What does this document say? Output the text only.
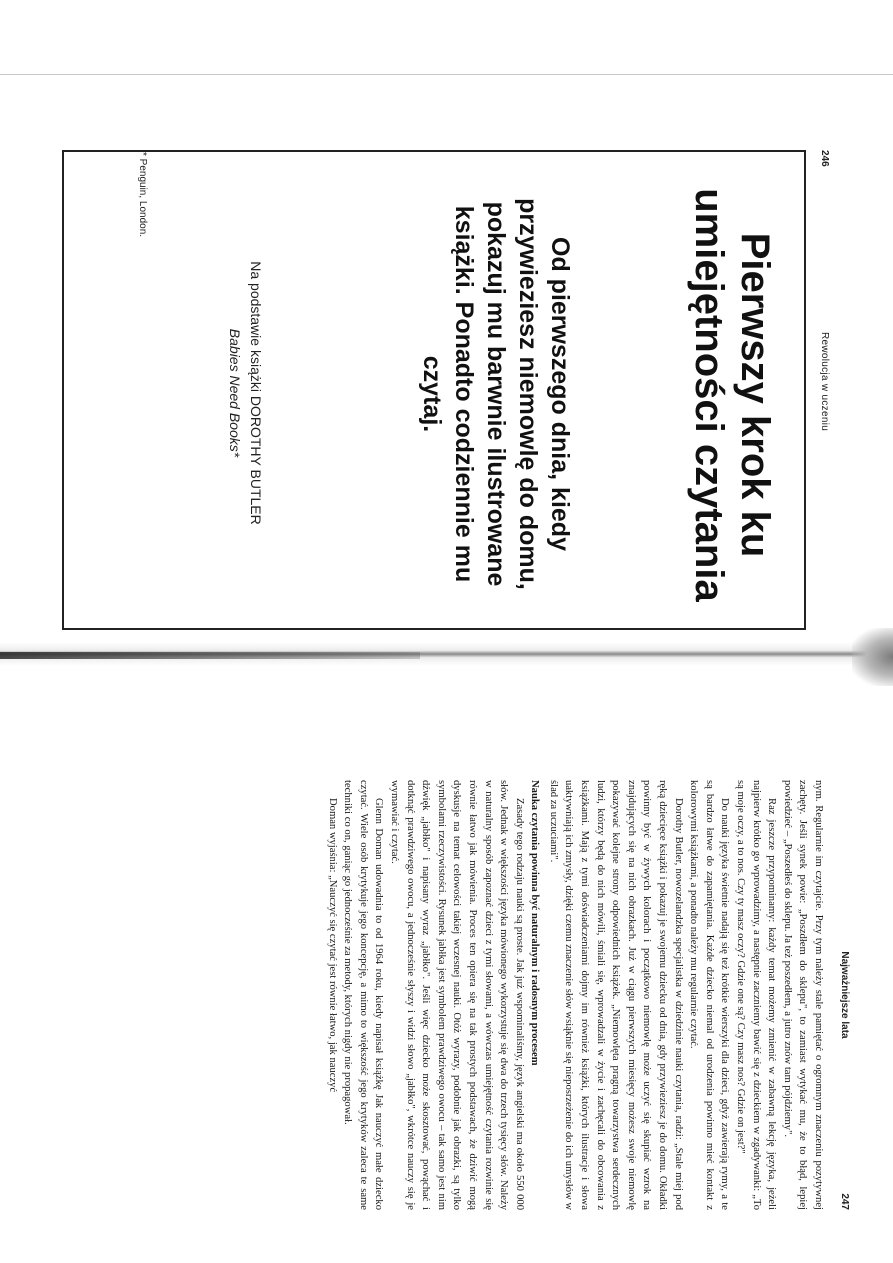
246
Rewolucja w uczeniu
Pierwszy krok ku umiejętności czytania

Od pierwszego dnia, kiedy przywieziesz niemowlę do domu, pokazuj mu barwnie ilustrowane książki. Ponadto codziennie mu czytaj.

Na podstawie książki DOROTHY BUTLER
Babies Need Books*
* Penguin, London.
Najważniejsze lata
247

nym. Regularnie im czytajcie. Przy tym należy stale pamiętać o ogromnym znaczeniu pozytywnej zachęty. Jeśli synek powie: „Poszdłem do sklepu", to zamiast wytykać mu, że to błąd, lepiej powiedzieć – „Poszedłeś do sklepu. Ja też poszedłem, a jutro znów tam pójdziemy".

Raz jeszcze przypominamy: każdy temat możemy zmienić w zabawną lekcję języka, jeżeli najpierw krótko go wprowadzimy, a następnie zaczniemy bawić się z dzieckiem w zgadywanki: „To są moje oczy, a to nos. Czy ty masz oczy? Gdzie one są? Czy masz nos? Gdzie on jest?"

Do nauki języka świetnie nadają się też krótkie wierszyki dla dzieci, gdyż zawierają rymy, a te są bardzo łatwe do zapamiętania. Każde dziecko niemal od urodzenia powinno mieć kontakt z kolorowymi książkami, a ponadto należy mu regularnie czytać.

Dorothy Butler, nowozelandzka specjalistka w dziedzinie nauki czytania, radzi: „Stale miej pod ręką dziecięce książki i pokazuj je swojemu dziecku od dnia, gdy przywieziesz je do domu. Okładki powinny być w żywych kolorach i początkowo niemowlę może uczyć się skupiać wzrok na znajdujących się na nich obrazkach. Już w ciągu pierwszych miesięcy możesz swoje niemowlę pokazywać kolejne strony odpowiednich książek. „Niemowlęta pragną towarzystwa serdecznych ludzi, którzy będą do nich mówili, śmiali się, wprowadzali w życie i zachęcali do obcowania z książkami. Mają z tymi doświadczeniami dojmy im również książki, których ilustracje i słowa uaktywniają ich zmysły, dzięki czemu znaczenie słów wsiąknie się nieposrzeżenie do ich umysłów w ślad za uczuciami".

Nauka czytania powinna być naturalnym i radosnym procesem

Zasady tego rodzaju nauki są proste. Jak już wspominaliśmy, język angielski ma około 550 000 słów. Jednak w większości języka mówionego wykorzystuje się dwa do trzech tysięcy słów. Należy w naturalny sposób zapoznać dzieci z tymi słowami, a wówczas umiejętność czytania rozwinie się równie łatwo jak mówienia. Proces ten opiera się na tak prostych podstawach, że dziwić mogą dyskusje na temat celowości takiej wczesnej nauki. Otóż wyrazy, podobnie jak obrazki, są tylko symbolami rzeczywistości. Rysunek jabłka jest symbolem prawdziwego owocu – tak samo jest nim dźwięk „jabłko" i napisany wyraz „jabłko". Jeśli więc dziecko może skosztować, powąchać i dotknąć prawdziwego owocu, a jednocześnie słyszy i widzi słowo „jabłko", wkrótce nauczy się je wymawiać i czytać.

Glenn Doman udowadnia to od 1964 roku, kiedy napisał książkę Jak nauczyć małe dziecko czytać. Wiele osób krytykuje jego koncepcję, a mimo to większość jego krytyków zaleca te same techniki co on, ganiąc go jednocześnie za metody, których nigdy nie propagował.

Doman wyjaśnia: „Nauczyć się czytać jest równie łatwo, jak nauczyć
